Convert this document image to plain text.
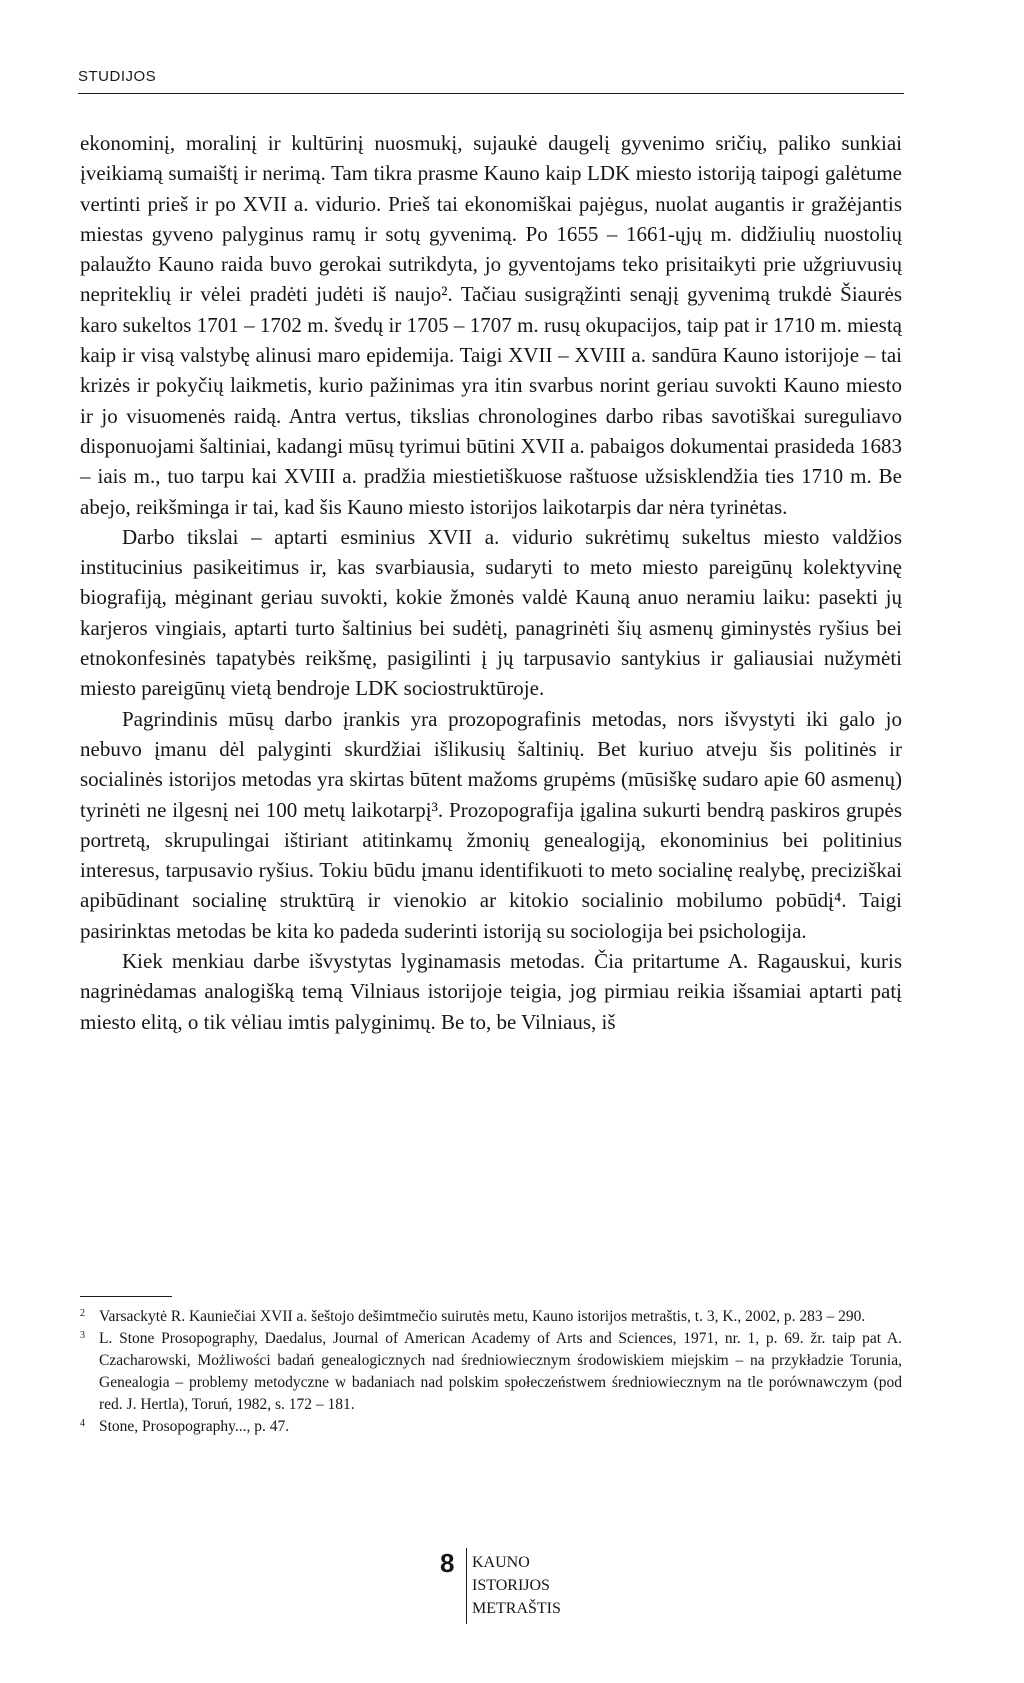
STUDIJOS

ekonominį, moralinį ir kultūrinį nuosmukį, sujaukė daugelį gyvenimo sričių, paliko sunkiai įveikiamą sumaištį ir nerimą. Tam tikra prasme Kauno kaip LDK miesto istoriją taipogi galėtume vertinti prieš ir po XVII a. vidurio. Prieš tai ekonomiškai pajėgus, nuolat augantis ir gražėjantis miestas gyveno palyginus ramų ir sotų gyvenimą. Po 1655 – 1661-ųjų m. didžiulių nuostolių palaužto Kauno raida buvo gerokai sutrikdyta, jo gyventojams teko prisitaikyti prie užgriuvusių nepriteklių ir vėlei pradėti judėti iš naujo². Tačiau susigrąžinti senąjį gyvenimą trukdė Šiaurės karo sukeltos 1701 – 1702 m. švedų ir 1705 – 1707 m. rusų okupacijos, taip pat ir 1710 m. miestą kaip ir visą valstybę alinusi maro epidemija. Taigi XVII – XVIII a. sandūra Kauno istorijoje – tai krizės ir pokyčių laikmetis, kurio pažinimas yra itin svarbus norint geriau suvokti Kauno miesto ir jo visuomenės raidą. Antra vertus, tikslias chronologines darbo ribas savotiškai sureguliavo disponuojami šaltiniai, kadangi mūsų tyrimui būtini XVII a. pabaigos dokumentai prasideda 1683 – iais m., tuo tarpu kai XVIII a. pradžia miestietiškuose raštuose užsisklendžia ties 1710 m. Be abejo, reikšminga ir tai, kad šis Kauno miesto istorijos laikotarpis dar nėra tyrinėtas.

Darbo tikslai – aptarti esminius XVII a. vidurio sukrėtimų sukeltus miesto valdžios institucinius pasikeitimus ir, kas svarbiausia, sudaryti to meto miesto pareigūnų kolektyvinę biografiją, mėginant geriau suvokti, kokie žmonės valdė Kauną anuo neramiu laiku: pasekti jų karjeros vingiais, aptarti turto šaltinius bei sudėtį, panagrinėti šių asmenų giminystės ryšius bei etnokonfesinės tapatybės reikšmę, pasigilinti į jų tarpusavio santykius ir galiausiai nužymėti miesto pareigūnų vietą bendroje LDK sociostruktūroje.

Pagrindinis mūsų darbo įrankis yra prozopografinis metodas, nors išvystyti iki galo jo nebuvo įmanu dėl palyginti skurdžiai išlikusių šaltinių. Bet kuriuo atveju šis politinės ir socialinės istorijos metodas yra skirtas būtent mažoms grupėms (mūsiškę sudaro apie 60 asmenų) tyrinėti ne ilgesnį nei 100 metų laikotarpį³. Prozopografija įgalina sukurti bendrą paskiros grupės portretą, skrupulingai ištiriant atitinkamų žmonių genealogiją, ekonominius bei politinius interesus, tarpusavio ryšius. Tokiu būdu įmanu identifikuoti to meto socialinę realybę, preciziškai apibūdinant socialinę struktūrą ir vienokio ar kitokio socialinio mobilumo pobūdį⁴. Taigi pasirinktas metodas be kita ko padeda suderinti istoriją su sociologija bei psichologija.

Kiek menkiau darbe išvystytas lyginamasis metodas. Čia pritartume A. Ragauskui, kuris nagrinėdamas analogišką temą Vilniaus istorijoje teigia, jog pirmiau reikia išsamiai aptarti patį miesto elitą, o tik vėliau imtis palyginimų. Be to, be Vilniaus, iš

2 Varsackytė R. Kauniečiai XVII a. šeštojo dešimtmečio suirutės metu, Kauno istorijos metraštis, t. 3, K., 2002, p. 283 – 290.

3 L. Stone Prosopography, Daedalus, Journal of American Academy of Arts and Sciences, 1971, nr. 1, p. 69. žr. taip pat A. Czacharowski, Możliwości badań genealogicznych nad średniowiecznym środowiskiem miejskim – na przykładzie Torunia, Genealogia – problemy metodyczne w badaniach nad polskim społeczeństwem średniowiecznym na tle porównawczym (pod red. J. Hertla), Toruń, 1982, s. 172 – 181.

4 Stone, Prosopography..., p. 47.

8 KAUNO
ISTORIJOS
METRAŠTIS
